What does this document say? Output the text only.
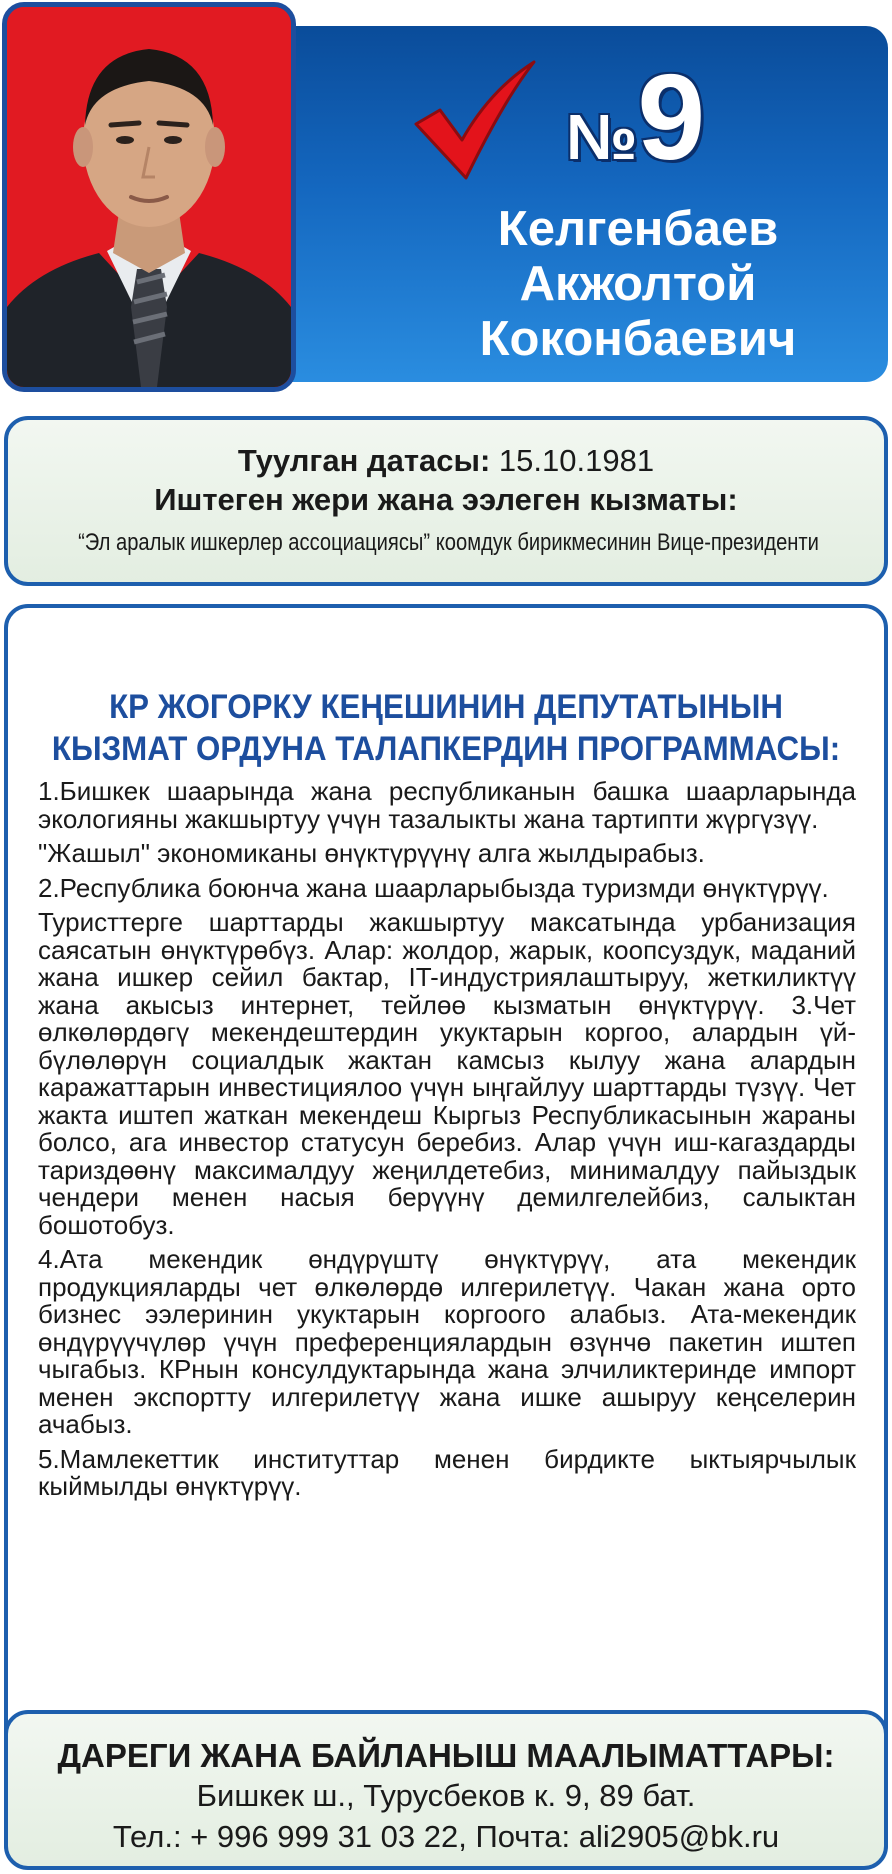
№9
Келгенбаев
Акжолтой
Коконбаевич
Туулган датасы: 15.10.1981
Иштеген жери жана ээлеген кызматы:
“Эл аралык ишкерлер ассоциациясы” коомдук бирикмесинин Вице-президенти
КР ЖОГОРКУ КЕҢЕШИНИН ДЕПУТАТЫНЫН
КЫЗМАТ ОРДУНА ТАЛАПКЕРДИН ПРОГРАММАСЫ:

1.Бишкек шаарында жана республиканын башка шаарларында экологияны жакшыртуу үчүн тазалыкты жана тартипти жүргүзүү.

"Жашыл" экономиканы өнүктүрүүнү алга жылдырабыз.

2.Республика боюнча жана шаарларыбызда туризмди өнүктүрүү.

Туристтерге шарттарды жакшыртуу максатында урбанизация саясатын өнүктүрөбүз. Алар: жолдор, жарык, коопсуздук, маданий жана ишкер сейил бактар, IT-индустриялаштыруу, жеткиликтүү жана акысыз интернет, тейлөө кызматын өнүктүрүү. 3.Чет өлкөлөрдөгү мекендештердин укуктарын коргоо, алардын үй-бүлөлөрүн социалдык жактан камсыз кылуу жана алардын каражаттарын инвестициялоо үчүн ыңгайлуу шарттарды түзүү. Чет жакта иштеп жаткан мекендеш Кыргыз Республикасынын жараны болсо, ага инвестор статусун беребиз. Алар үчүн иш-кагаздарды тариздөөнү максималдуу жеңилдетебиз, минималдуу пайыздык чендери менен насыя берүүнү демилгелейбиз, салыктан бошотобуз.

4.Ата мекендик өндүрүштү өнүктүрүү, ата мекендик продукцияларды чет өлкөлөрдө илгерилетүү. Чакан жана орто бизнес ээлеринин укуктарын коргоого алабыз. Ата-мекендик өндүрүүчүлөр үчүн преференциялардын өзүнчө пакетин иштеп чыгабыз. КРнын консулдуктарында жана элчиликтеринде импорт менен экспортту илгерилетүү жана ишке ашыруу кеңселерин ачабыз.

5.Мамлекеттик институттар менен бирдикте ыктыярчылык кыймылды өнүктүрүү.

ДАРЕГИ ЖАНА БАЙЛАНЫШ МААЛЫМАТТАРЫ:
Бишкек ш., Турусбеков к. 9, 89 бат.
Тел.: + 996 999 31 03 22, Почта: ali2905@bk.ru
